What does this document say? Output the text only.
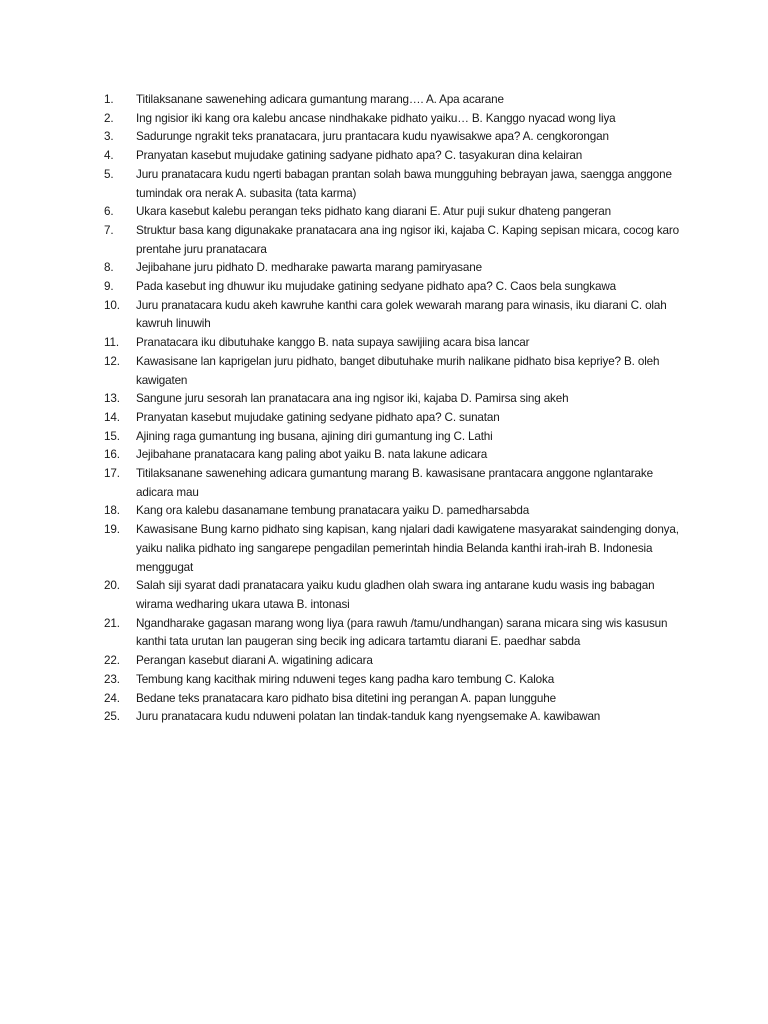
1.	Titilaksanane sawenehing adicara gumantung marang…. A. Apa acarane
2.	Ing ngisior iki kang ora kalebu ancase nindhakake pidhato yaiku… B. Kanggo nyacad wong liya
3.	Sadurunge ngrakit teks pranatacara, juru prantacara kudu nyawisakwe apa? A. cengkorongan
4.	Pranyatan kasebut mujudake gatining sadyane pidhato apa? C. tasyakuran dina kelairan
5.	Juru pranatacara kudu ngerti babagan prantan solah bawa mungguhing bebrayan jawa, saengga anggone tumindak ora nerak A. subasita (tata karma)
6.	Ukara kasebut kalebu perangan teks pidhato kang diarani E. Atur puji sukur dhateng pangeran
7.	Struktur basa kang digunakake pranatacara ana ing ngisor iki, kajaba C. Kaping sepisan micara, cocog karo prentahe juru pranatacara
8.	Jejibahane juru pidhato D. medharake pawarta marang pamiryasane
9.	Pada kasebut ing dhuwur iku mujudake gatining sedyane pidhato apa? C. Caos bela sungkawa
10.	Juru pranatacara kudu akeh kawruhe kanthi cara golek wewarah marang para winasis, iku diarani C. olah kawruh linuwih
11.	Pranatacara iku dibutuhake kanggo B. nata supaya sawijiing acara bisa lancar
12.	Kawasisane lan kaprigelan juru pidhato, banget dibutuhake murih nalikane pidhato bisa kepriye? B. oleh kawigaten
13.	Sangune juru sesorah lan pranatacara ana ing ngisor iki, kajaba D. Pamirsa sing akeh
14.	Pranyatan kasebut mujudake gatining sedyane pidhato apa? C. sunatan
15.	Ajining raga gumantung ing busana, ajining diri gumantung ing C. Lathi
16.	Jejibahane pranatacara kang paling abot yaiku B. nata lakune adicara
17.	Titilaksanane sawenehing adicara gumantung marang B. kawasisane prantacara anggone nglantarake adicara mau
18.	Kang ora kalebu dasanamane tembung pranatacara yaiku D. pamedharsabda
19.	Kawasisane Bung karno pidhato sing kapisan, kang njalari dadi kawigatene masyarakat saindenging donya, yaiku nalika pidhato ing sangarepe pengadilan pemerintah hindia Belanda kanthi irah-irah B. Indonesia menggugat
20.	Salah siji syarat dadi pranatacara yaiku kudu gladhen olah swara ing antarane kudu wasis ing babagan wirama wedharing ukara utawa B. intonasi
21.	Ngandharake gagasan marang wong liya (para rawuh /tamu/undhangan) sarana micara sing wis kasusun kanthi tata urutan lan paugeran sing becik ing adicara tartamtu diarani E. paedhar sabda
22.	Perangan kasebut diarani A. wigatining adicara
23.	Tembung kang kacithak miring nduweni teges kang padha karo tembung C. Kaloka
24.	Bedane teks pranatacara karo pidhato bisa ditetini ing perangan A. papan lungguhe
25.	Juru pranatacara kudu nduweni polatan lan tindak-tanduk kang nyengsemake A. kawibawan
